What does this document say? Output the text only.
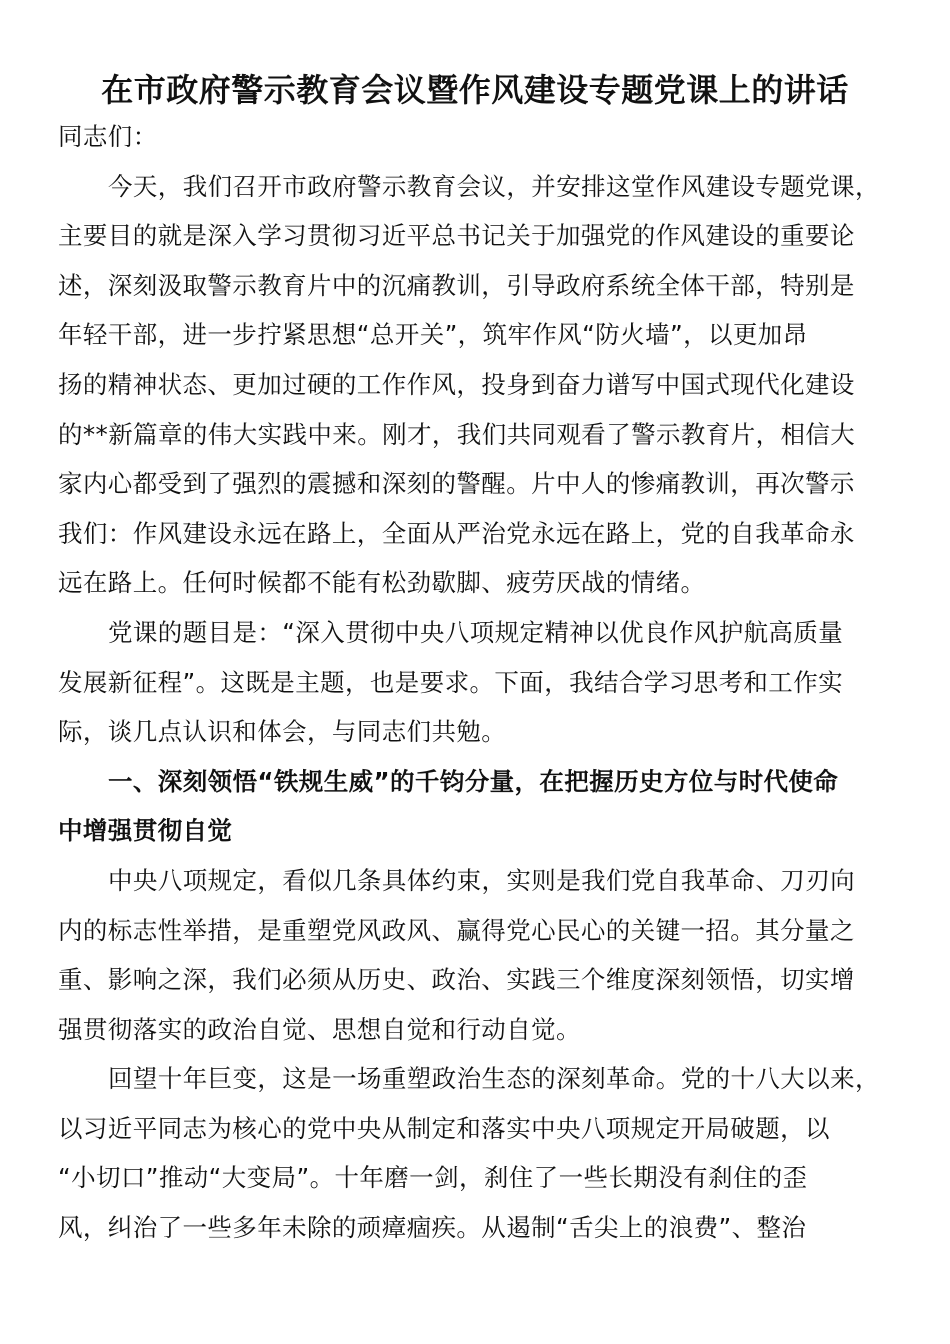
在市政府警示教育会议暨作风建设专题党课上的讲话
同志们：
今天，我们召开市政府警示教育会议，并安排这堂作风建设专题党课，
主要目的就是深入学习贯彻习近平总书记关于加强党的作风建设的重要论
述，深刻汲取警示教育片中的沉痛教训，引导政府系统全体干部，特别是
年轻干部，进一步拧紧思想“总开关”，筑牢作风“防火墙”，以更加昂
扬的精神状态、更加过硬的工作作风，投身到奋力谱写中国式现代化建设
的**新篇章的伟大实践中来。刚才，我们共同观看了警示教育片，相信大
家内心都受到了强烈的震撼和深刻的警醒。片中人的惨痛教训，再次警示
我们：作风建设永远在路上，全面从严治党永远在路上，党的自我革命永
远在路上。任何时候都不能有松劲歇脚、疲劳厌战的情绪。
党课的题目是：“深入贯彻中央八项规定精神以优良作风护航高质量
发展新征程”。这既是主题，也是要求。下面，我结合学习思考和工作实
际，谈几点认识和体会，与同志们共勉。
一、深刻领悟“铁规生威”的千钧分量，在把握历史方位与时代使命
中增强贯彻自觉
中央八项规定，看似几条具体约束，实则是我们党自我革命、刀刃向
内的标志性举措，是重塑党风政风、赢得党心民心的关键一招。其分量之
重、影响之深，我们必须从历史、政治、实践三个维度深刻领悟，切实增
强贯彻落实的政治自觉、思想自觉和行动自觉。
回望十年巨变，这是一场重塑政治生态的深刻革命。党的十八大以来，
以习近平同志为核心的党中央从制定和落实中央八项规定开局破题，以
“小切口”推动“大变局”。十年磨一剑，刹住了一些长期没有刹住的歪
风，纠治了一些多年未除的顽瘴痼疾。从遏制“舌尖上的浪费”、整治
